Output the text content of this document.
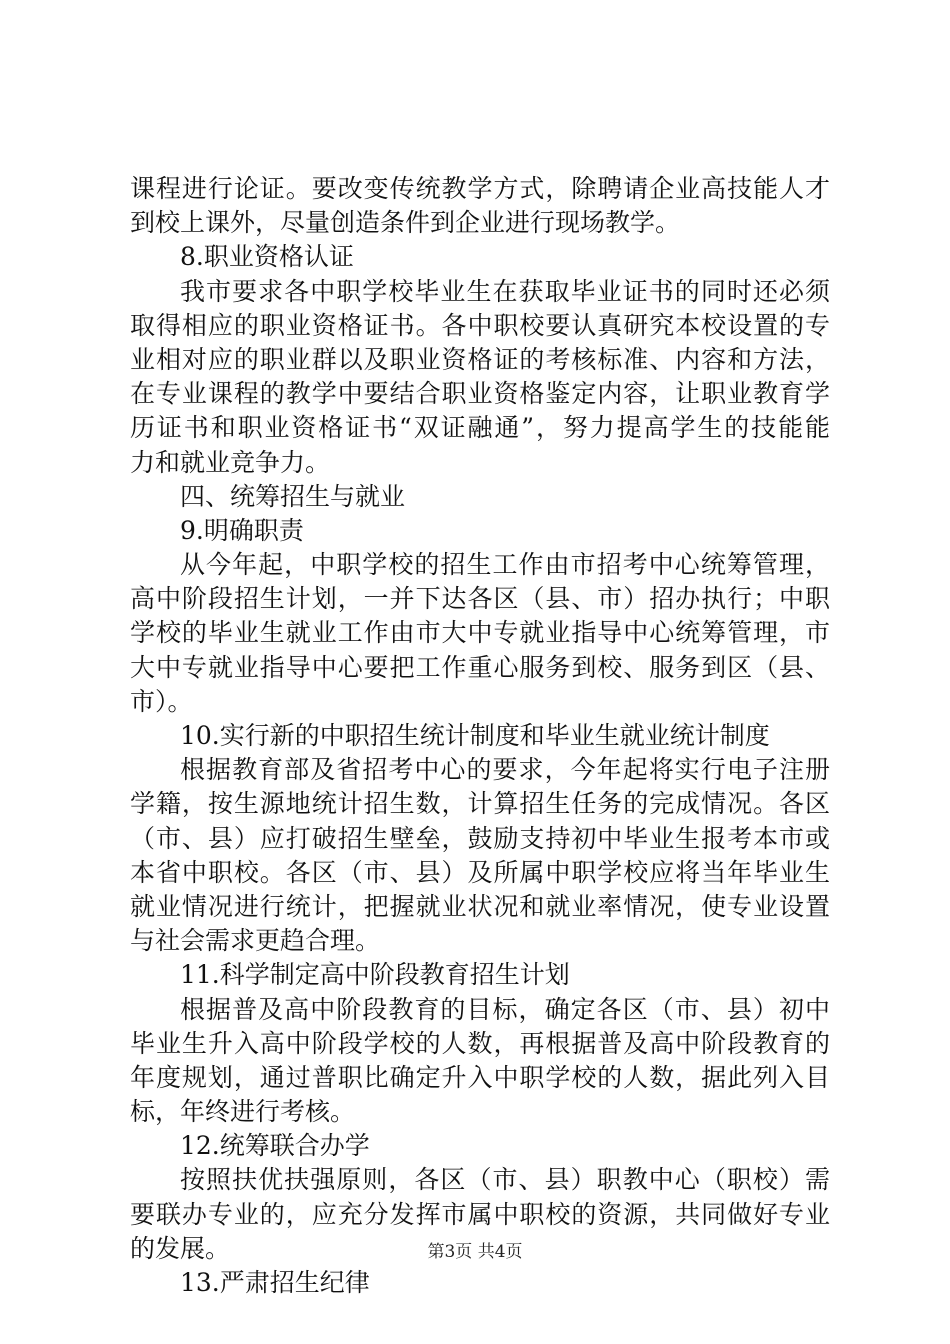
课程进行论证。要改变传统教学方式，除聘请企业高技能人才
到校上课外，尽量创造条件到企业进行现场教学。
8.职业资格认证
我市要求各中职学校毕业生在获取毕业证书的同时还必须
取得相应的职业资格证书。各中职校要认真研究本校设置的专
业相对应的职业群以及职业资格证的考核标准、内容和方法，
在专业课程的教学中要结合职业资格鉴定内容，让职业教育学
历证书和职业资格证书“双证融通”，努力提高学生的技能能
力和就业竞争力。
四、统筹招生与就业
9.明确职责
从今年起，中职学校的招生工作由市招考中心统筹管理，
高中阶段招生计划，一并下达各区（县、市）招办执行；中职
学校的毕业生就业工作由市大中专就业指导中心统筹管理，市
大中专就业指导中心要把工作重心服务到校、服务到区（县、
市）。
10.实行新的中职招生统计制度和毕业生就业统计制度
根据教育部及省招考中心的要求，今年起将实行电子注册
学籍，按生源地统计招生数，计算招生任务的完成情况。各区
（市、县）应打破招生壁垒，鼓励支持初中毕业生报考本市或
本省中职校。各区（市、县）及所属中职学校应将当年毕业生
就业情况进行统计，把握就业状况和就业率情况，使专业设置
与社会需求更趋合理。
11.科学制定高中阶段教育招生计划
根据普及高中阶段教育的目标，确定各区（市、县）初中
毕业生升入高中阶段学校的人数，再根据普及高中阶段教育的
年度规划，通过普职比确定升入中职学校的人数，据此列入目
标，年终进行考核。
12.统筹联合办学
按照扶优扶强原则，各区（市、县）职教中心（职校）需
要联办专业的，应充分发挥市属中职校的资源，共同做好专业
的发展。
13.严肃招生纪律
第3页 共4页
